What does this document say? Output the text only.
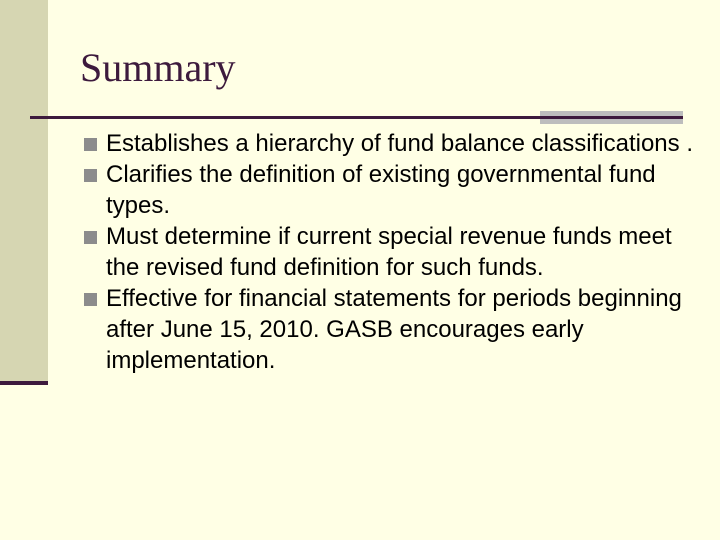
Summary
Establishes a hierarchy of fund balance classifications .
Clarifies the definition of existing governmental fund types.
Must determine if current special revenue funds meet the revised fund definition for such funds.
Effective for financial statements for periods beginning after June 15, 2010. GASB encourages early implementation.
